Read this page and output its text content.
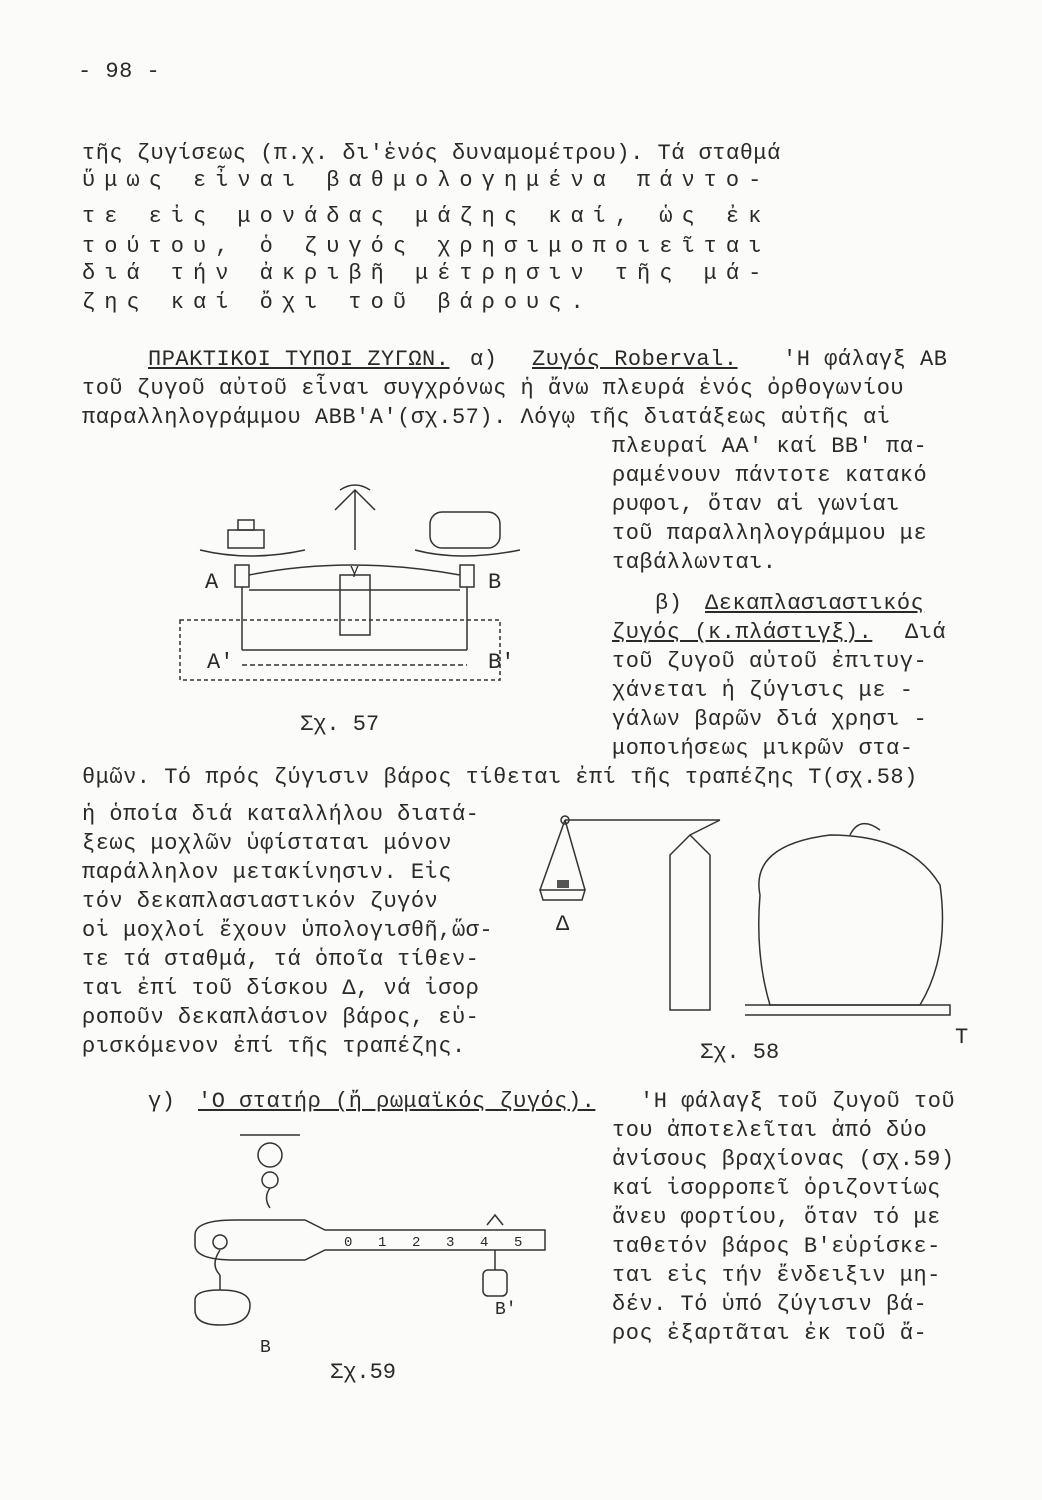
- 98 -
τῆς ζυγίσεως (π.χ. δι'ἑνός δυναμομέτρου). Τά σταθμά
ὕμως εἶναι βαθμολογημένα πάντο-
τε εἰς μονάδας μάζης καί, ὡς ἐκ
τούτου, ὁ ζυγός χρησιμοποιεῖται
διά τήν ἀκριβῆ μέτρησιν τῆς μά-
ζης καί ὄχι τοῦ βάρους.
ΠΡΑΚΤΙΚΟΙ ΤΥΠΟΙ ΖΥΓΩΝ. α) Ζυγός Roberval. 'Η φάλαγξ ΑΒ
τοῦ ζυγοῦ αὐτοῦ εἶναι συγχρόνως ἡ ἄνω πλευρά ἑνός ὀρθογωνίου
παραλληλογράμμου ΑΒΒ'Α'(σχ.57). Λόγῳ τῆς διατάξεως αὐτῆς αἱ
πλευραί ΑΑ' καί ΒΒ' πα-
ραμένουν πάντοτε κατακό
ρυφοι, ὅταν αἱ γωνίαι
τοῦ παραλληλογράμμου με
ταβάλλωνται.
Α	Β
Α'	Β'
γ
Σχ. 57
β) Δεκαπλασιαστικός
ζυγός (κ.πλάστιγξ). Διά
τοῦ ζυγοῦ αὐτοῦ ἐπιτυγ-
χάνεται ἡ ζύγισις με -
γάλων βαρῶν διά χρησι -
μοποιήσεως μικρῶν στα-
θμῶν. Τό πρός ζύγισιν βάρος τίθεται ἐπί τῆς τραπέζης Τ(σχ.58)
ἡ ὁποία διά καταλλήλου διατά-
ξεως μοχλῶν ὑφίσταται μόνον
παράλληλον μετακίνησιν. Εἰς
τόν δεκαπλασιαστικόν ζυγόν
οἱ μοχλοί ἔχουν ὑπολογισθῆ,ὥσ-
τε τά σταθμά, τά ὁποῖα τίθεν-
ται ἐπί τοῦ δίσκου Δ, νά ἰσορ
ροποῦν δεκαπλάσιον βάρος, εὑ-
ρισκόμενον ἐπί τῆς τραπέζης.
Δ
Τ
Σχ. 58
γ) 'Ο στατήρ (ἤ ρωμαϊκός ζυγός). 'Η φάλαγξ τοῦ ζυγοῦ τοῦ
του ἀποτελεῖται ἀπό δύο
ἀνίσους βραχίονας (σχ.59)
καί ἰσορροπεῖ ὁριζοντίως
ἄνευ φορτίου, ὅταν τό με
ταθετόν βάρος Β'εὑρίσκε-
ται εἰς τήν ἔνδειξιν μη-
δέν. Τό ὑπό ζύγισιν βά-
ρος ἐξαρτᾶται ἐκ τοῦ ἄ-
Β
Β'
0 1 2 3 4 5
Σχ.59
